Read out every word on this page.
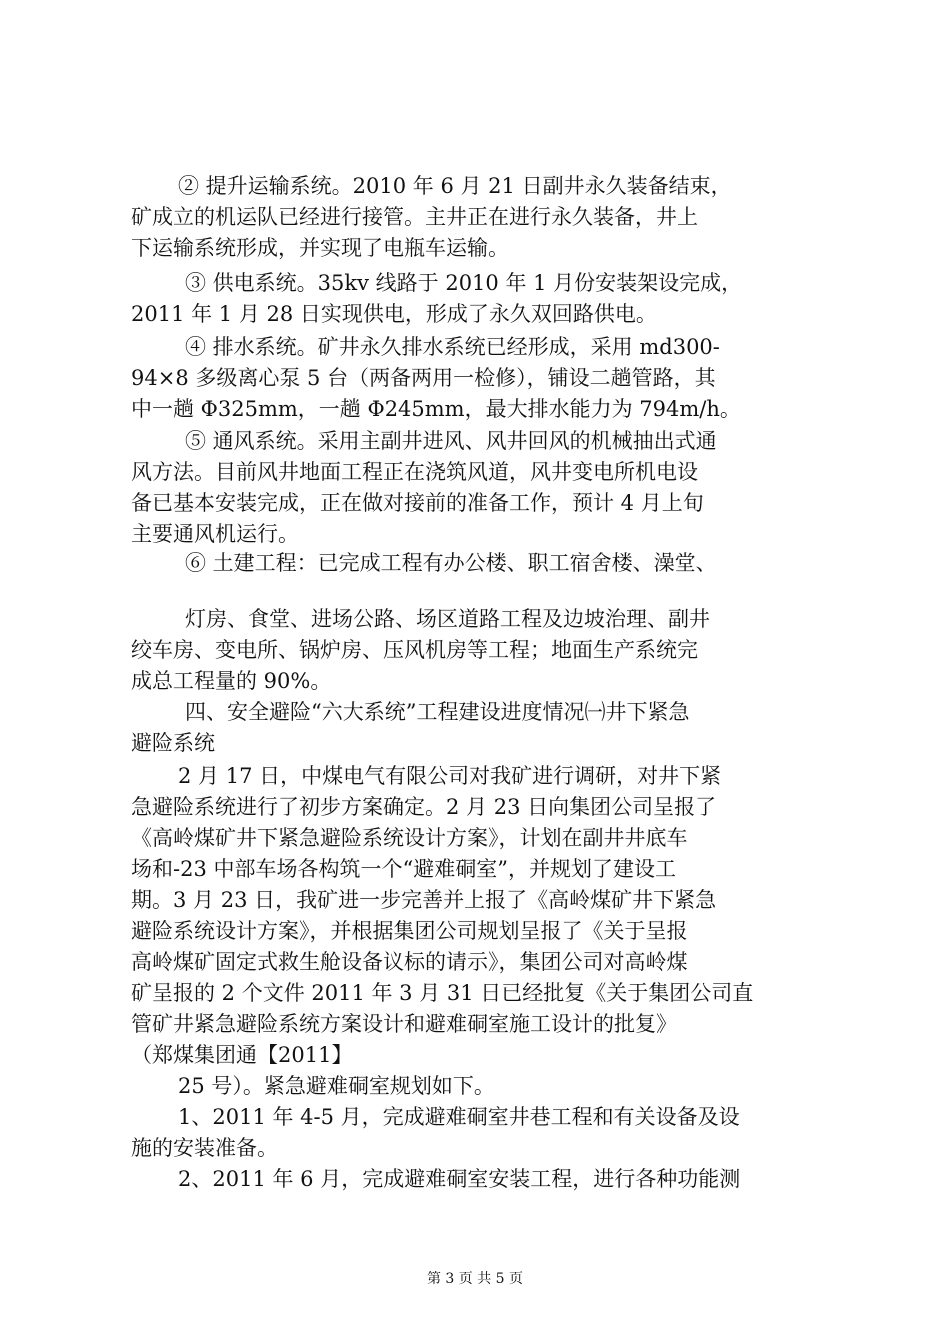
② 提升运输系统。2010 年 6 月 21 日副井永久装备结束，
矿成立的机运队已经进行接管。主井正在进行永久装备，井上
下运输系统形成，并实现了电瓶车运输。
③ 供电系统。35kv 线路于 2010 年 1 月份安装架设完成，
2011 年 1 月 28 日实现供电，形成了永久双回路供电。
④ 排水系统。矿井永久排水系统已经形成，采用 md300-
94×8 多级离心泵 5 台（两备两用一检修），铺设二趟管路，其
中一趟 Φ325mm，一趟 Φ245mm，最大排水能力为 794m/h。
⑤ 通风系统。采用主副井进风、风井回风的机械抽出式通
风方法。目前风井地面工程正在浇筑风道，风井变电所机电设
备已基本安装完成，正在做对接前的准备工作，预计 4 月上旬
主要通风机运行。
⑥ 土建工程：已完成工程有办公楼、职工宿舍楼、澡堂、
灯房、食堂、进场公路、场区道路工程及边坡治理、副井
绞车房、变电所、锅炉房、压风机房等工程；地面生产系统完
成总工程量的 90%。
四、安全避险“六大系统”工程建设进度情况㈠井下紧急
避险系统
2 月 17 日，中煤电气有限公司对我矿进行调研，对井下紧
急避险系统进行了初步方案确定。2 月 23 日向集团公司呈报了
《高岭煤矿井下紧急避险系统设计方案》，计划在副井井底车
场和-23 中部车场各构筑一个“避难硐室”，并规划了建设工
期。3 月 23 日，我矿进一步完善并上报了《高岭煤矿井下紧急
避险系统设计方案》，并根据集团公司规划呈报了《关于呈报
高岭煤矿固定式救生舱设备议标的请示》，集团公司对高岭煤
矿呈报的 2 个文件 2011 年 3 月 31 日已经批复《关于集团公司直
管矿井紧急避险系统方案设计和避难硐室施工设计的批复》
（郑煤集团通【2011】
25 号）。紧急避难硐室规划如下。
1、2011 年 4-5 月，完成避难硐室井巷工程和有关设备及设
施的安装准备。
2、2011 年 6 月，完成避难硐室安装工程，进行各种功能测
第 3 页 共 5 页
